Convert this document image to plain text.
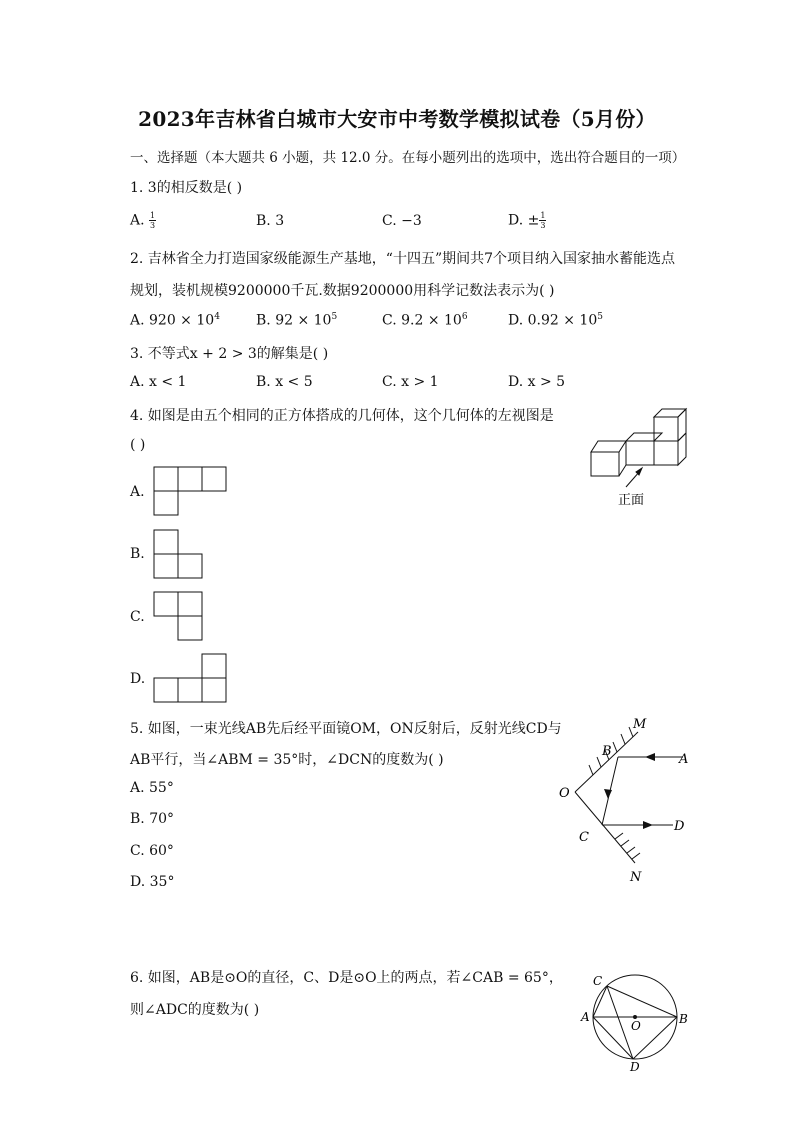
2023年吉林省白城市大安市中考数学模拟试卷（5月份）
一、选择题（本大题共 6 小题，共 12.0 分。在每小题列出的选项中，选出符合题目的一项）
1. 3的相反数是( )
A. $\frac{1}{3}$	B. 3	C. −3	D. ± $\frac{1}{3}$
2. 吉林省全力打造国家级能源生产基地，“十四五”期间共7个项目纳入国家抽水蓄能选点
规划，装机规模9200000千瓦.数据9200000用科学记数法表示为( )
A. $920 \times 10^4$	B. $92 \times 10^5$	C. $9.2 \times 10^6$	D. $0.92 \times 10^5$
3. 不等式x + 2 > 3的解集是( )
A. x < 1	B. x < 5	C. x > 1	D. x > 5
4. 如图是由五个相同的正方体搭成的几何体，这个几何体的左视图是
( )
正面
A.
B.
C.
D.
5. 如图，一束光线AB先后经平面镜OM，ON反射后，反射光线CD与
AB平行，当∠ABM = 35°时，∠DCN的度数为( )
A. 55°
B. 70°
C. 60°
D. 35°
M
A
B
O
C
D
N
6. 如图，AB是⊙O的直径，C、D是⊙O上的两点，若∠CAB = 65°，
则∠ADC的度数为( )
C
A
O	B
D
